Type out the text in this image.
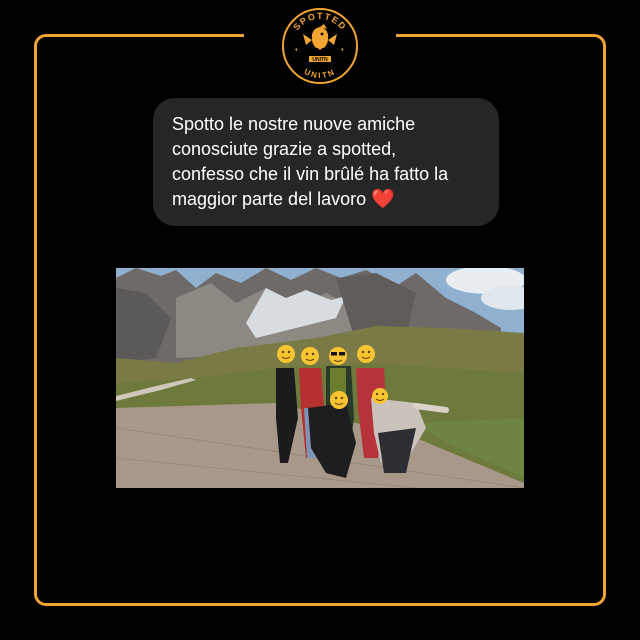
SPOTTED
UNITN
UNITN
♦	♦
Spotto le nostre nuove amiche
conosciute grazie a spotted,
confesso che il vin brûlé ha fatto la
maggior parte del lavoro ❤️
